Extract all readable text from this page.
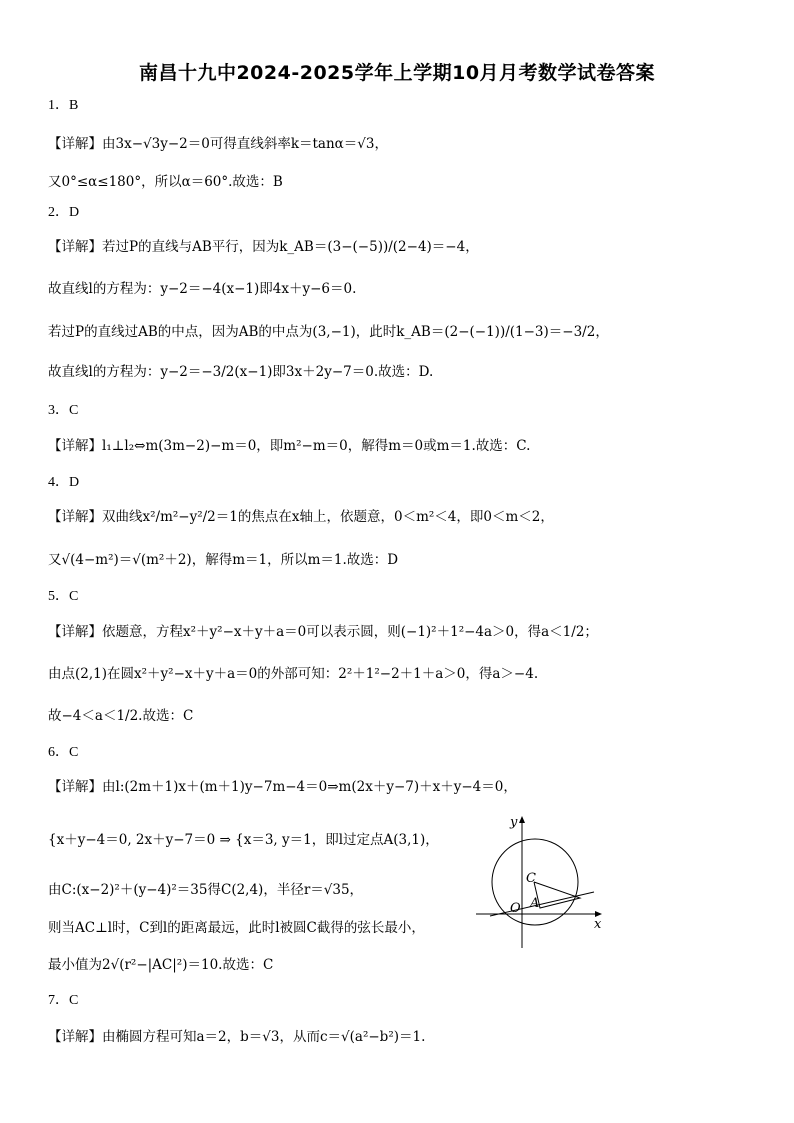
南昌十九中2024-2025学年上学期10月月考数学试卷答案
1．B
【详解】由3x−√3y−2＝0可得直线斜率k＝tanα＝√3，
又0°≤α≤180°，所以α＝60°.故选：B
2．D
【详解】若过P的直线与AB平行，因为k_AB＝(3−(−5))/(2−4)＝−4，
故直线l的方程为：y−2＝−4(x−1)即4x＋y−6＝0.
若过P的直线过AB的中点，因为AB的中点为(3,−1)，此时k_AB＝(2−(−1))/(1−3)＝−3/2，
故直线l的方程为：y−2＝−3/2(x−1)即3x＋2y−7＝0.故选：D.
3．C
【详解】l₁⊥l₂⇔m(3m−2)−m＝0，即m²−m＝0，解得m＝0或m＝1.故选：C.
4．D
【详解】双曲线x²/m²−y²/2＝1的焦点在x轴上，依题意，0＜m²＜4，即0＜m＜2，
又√(4−m²)＝√(m²＋2)，解得m＝1，所以m＝1.故选：D
5．C
【详解】依题意，方程x²＋y²−x＋y＋a＝0可以表示圆，则(−1)²＋1²−4a＞0，得a＜1/2；
由点(2,1)在圆x²＋y²−x＋y＋a＝0的外部可知：2²＋1²−2＋1＋a＞0，得a＞−4.
故−4＜a＜1/2.故选：C
6．C
【详解】由l:(2m＋1)x＋(m＋1)y−7m−4＝0⇒m(2x＋y−7)＋x＋y−4＝0，
{x＋y−4＝0, 2x＋y−7＝0 ⇒ {x＝3, y＝1，即l过定点A(3,1)，
由C:(x−2)²＋(y−4)²＝35得C(2,4)，半径r＝√35，
则当AC⊥l时，C到l的距离最远，此时l被圆C截得的弦长最小，
最小值为2√(r²−|AC|²)＝10.故选：C
7．C
【详解】由椭圆方程可知a＝2，b＝√3，从而c＝√(a²−b²)＝1.
y
x
O
C
A
